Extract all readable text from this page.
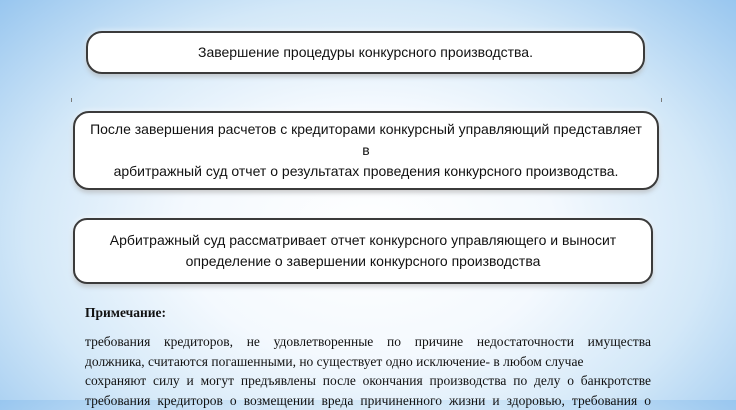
Завершение процедуры конкурсного производства.
После завершения расчетов с кредиторами конкурсный управляющий представляет в
арбитражный суд отчет о результатах проведения конкурсного производства.
Арбитражный суд рассматривает отчет конкурсного управляющего и выносит
определение о завершении конкурсного производства
Примечание:
требования кредиторов, не удовлетворенные по причине недостаточности имущества
должника, считаются погашенными, но существует одно исключение- в любом случае
сохраняют силу и могут предъявлены после окончания производства по делу о банкротстве
требования кредиторов о возмещении вреда причиненного жизни и здоровью, требования о
